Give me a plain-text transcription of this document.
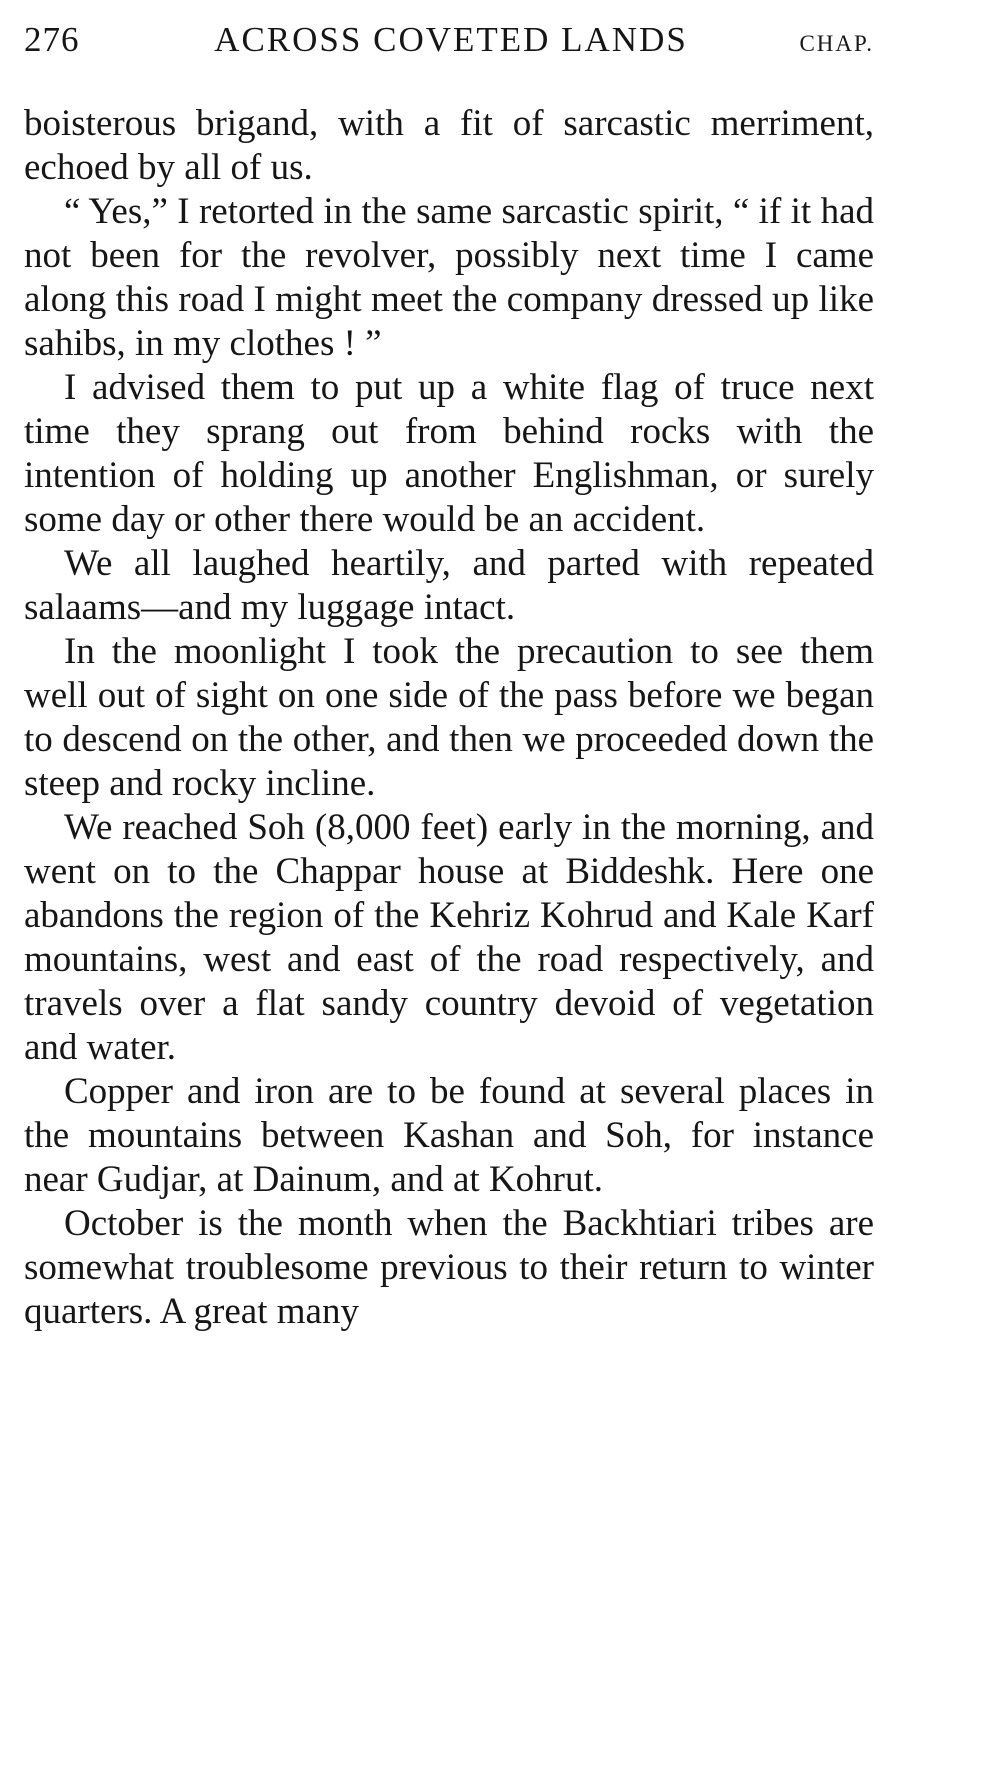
276	ACROSS COVETED LANDS	CHAP.

boisterous brigand, with a fit of sarcastic merriment, echoed by all of us.

“ Yes,” I retorted in the same sarcastic spirit, “ if it had not been for the revolver, possibly next time I came along this road I might meet the company dressed up like sahibs, in my clothes ! ”

I advised them to put up a white flag of truce next time they sprang out from behind rocks with the intention of holding up another Englishman, or surely some day or other there would be an accident.

We all laughed heartily, and parted with repeated salaams—and my luggage intact.

In the moonlight I took the precaution to see them well out of sight on one side of the pass before we began to descend on the other, and then we proceeded down the steep and rocky incline.

We reached Soh (8,000 feet) early in the morning, and went on to the Chappar house at Biddeshk. Here one abandons the region of the Kehriz Kohrud and Kale Karf mountains, west and east of the road respectively, and travels over a flat sandy country devoid of vegetation and water.

Copper and iron are to be found at several places in the mountains between Kashan and Soh, for instance near Gudjar, at Dainum, and at Kohrut.

October is the month when the Backhtiari tribes are somewhat troublesome previous to their return to winter quarters. A great many
